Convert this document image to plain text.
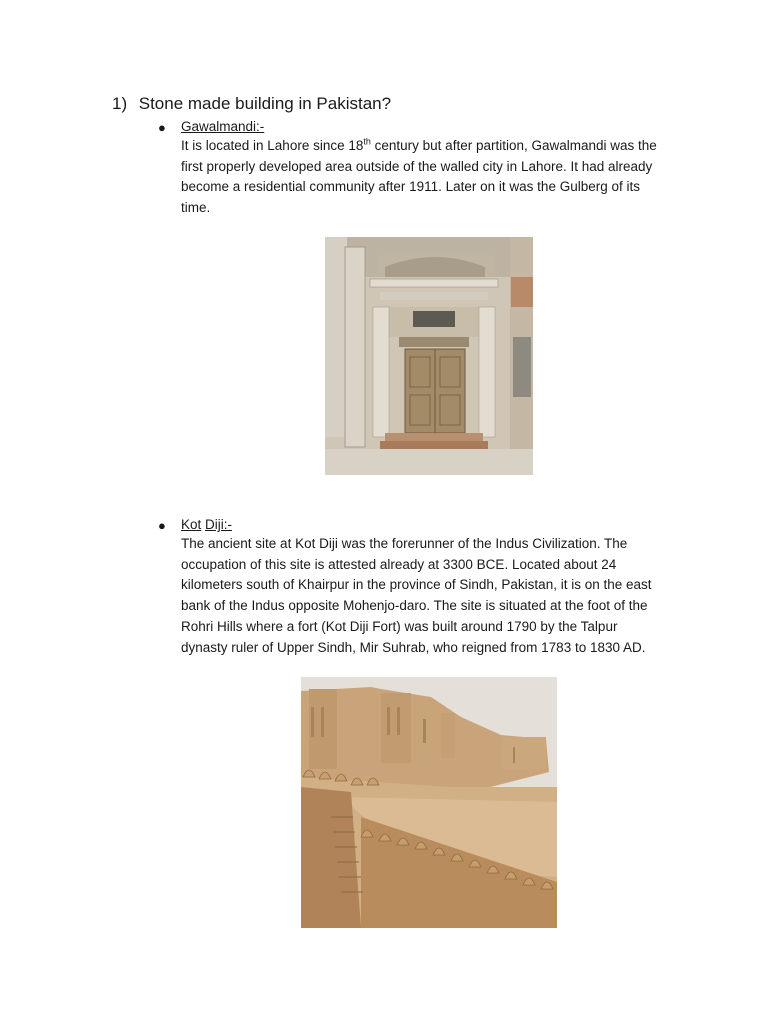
1) Stone made building in Pakistan?
● Gawalmandi:-
It is located in Lahore since 18th century but after partition, Gawalmandi was the
first properly developed area outside of the walled city in Lahore. It had already
become a residential community after 1911. Later on it was the Gulberg of its
time.
● Kot Diji:-
The ancient site at Kot Diji was the forerunner of the Indus Civilization. The
occupation of this site is attested already at 3300 BCE. Located about 24
kilometers south of Khairpur in the province of Sindh, Pakistan, it is on the east
bank of the Indus opposite Mohenjo-daro. The site is situated at the foot of the
Rohri Hills where a fort (Kot Diji Fort) was built around 1790 by the Talpur
dynasty ruler of Upper Sindh, Mir Suhrab, who reigned from 1783 to 1830 AD.
